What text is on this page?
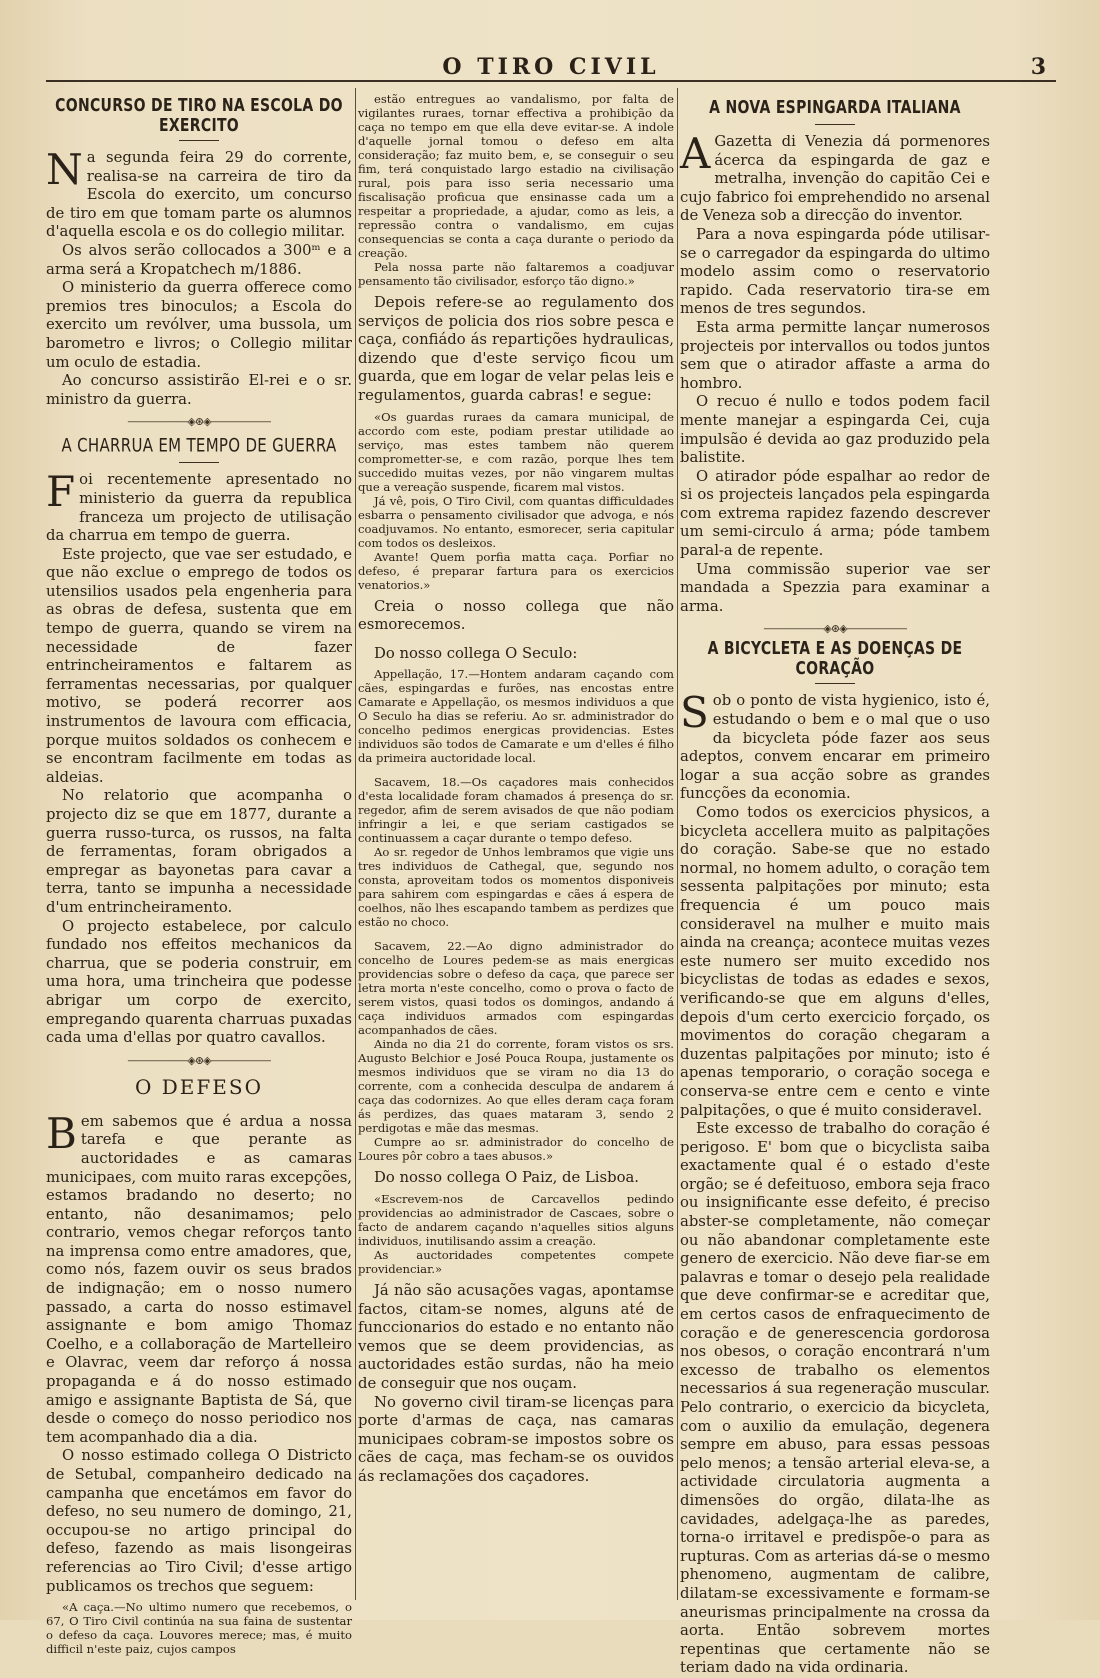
O TIRO CIVIL	3
CONCURSO DE TIRO NA ESCOLA DO EXERCITO

Na segunda feira 29 do corrente, realisa-se na carreira de tiro da Escola do exercito, um concurso de tiro em que tomam parte os alumnos d'aquella escola e os do collegio militar.

Os alvos serão collocados a 300ᵐ e a arma será a Kropatchech m/1886.

O ministerio da guerra offerece como premios tres binoculos; a Escola do exercito um revólver, uma bussola, um barometro e livros; o Collegio militar um oculo de estadia.

Ao concurso assistirão El-rei e o sr. ministro da guerra.

——————◈⊛◈——————
A CHARRUA EM TEMPO DE GUERRA

Foi recentemente apresentado no ministerio da guerra da republica franceza um projecto de utilisação da charrua em tempo de guerra.

Este projecto, que vae ser estudado, e que não exclue o emprego de todos os utensilios usados pela engenheria para as obras de defesa, sustenta que em tempo de guerra, quando se virem na necessidade de fazer entrincheiramentos e faltarem as ferramentas necessarias, por qualquer motivo, se poderá recorrer aos instrumentos de lavoura com efficacia, porque muitos soldados os conhecem e se encontram facilmente em todas as aldeias.

No relatorio que acompanha o projecto diz se que em 1877, durante a guerra russo-turca, os russos, na falta de ferramentas, foram obrigados a empregar as bayonetas para cavar a terra, tanto se impunha a necessidade d'um entrincheiramento.

O projecto estabelece, por calculo fundado nos effeitos mechanicos da charrua, que se poderia construir, em uma hora, uma trincheira que podesse abrigar um corpo de exercito, empregando quarenta charruas puxadas cada uma d'ellas por quatro cavallos.

——————◈⊛◈——————
O DEFESO

Bem sabemos que é ardua a nossa tarefa e que perante as auctoridades e as camaras municipaes, com muito raras excepções, estamos bradando no deserto; no entanto, não desanimamos; pelo contrario, vemos chegar reforços tanto na imprensa como entre amadores, que, como nós, fazem ouvir os seus brados de indignação; em o nosso numero passado, a carta do nosso estimavel assignante e bom amigo Thomaz Coelho, e a collaboração de Martelleiro e Olavrac, veem dar reforço á nossa propaganda e á do nosso estimado amigo e assignante Baptista de Sá, que desde o começo do nosso periodico nos tem acompanhado dia a dia.

O nosso estimado collega O Districto de Setubal, companheiro dedicado na campanha que encetámos em favor do defeso, no seu numero de domingo, 21, occupou-se no artigo principal do defeso, fazendo as mais lisongeiras referencias ao Tiro Civil; d'esse artigo publicamos os trechos que seguem:

«A caça.—No ultimo numero que recebemos, o 67, O Tiro Civil continúa na sua faina de sustentar o defeso da caça. Louvores merece; mas, é muito difficil n'este paiz, cujos campos

estão entregues ao vandalismo, por falta de vigilantes ruraes, tornar effectiva a prohibição da caça no tempo em que ella deve evitar-se. A indole d'aquelle jornal tomou o defeso em alta consideração; faz muito bem, e, se conseguir o seu fim, terá conquistado largo estadio na civilisação rural, pois para isso seria necessario uma fiscalisação proficua que ensinasse cada um a respeitar a propriedade, a ajudar, como as leis, a repressão contra o vandalismo, em cujas consequencias se conta a caça durante o periodo da creação.

Pela nossa parte não faltaremos a coadjuvar pensamento tão civilisador, esforço tão digno.»

Depois refere-se ao regulamento dos serviços de policia dos rios sobre pesca e caça, confiádo ás repartições hydraulicas, dizendo que d'este serviço ficou um guarda, que em logar de velar pelas leis e regulamentos, guarda cabras! e segue:

«Os guardas ruraes da camara municipal, de accordo com este, podiam prestar utilidade ao serviço, mas estes tambem não querem comprometter-se, e com razão, porque lhes tem succedido muitas vezes, por não vingarem multas que a vereação suspende, ficarem mal vistos.

Já vê, pois, O Tiro Civil, com quantas difficuldades esbarra o pensamento civilisador que advoga, e nós coadjuvamos. No entanto, esmorecer, seria capitular com todos os desleixos.

Avante! Quem porfia matta caça. Porfiar no defeso, é preparar fartura para os exercicios venatorios.»

Creia o nosso collega que não esmorecemos.

Do nosso collega O Seculo:

Appellação, 17.—Hontem andaram caçando com cães, espingardas e furões, nas encostas entre Camarate e Appellação, os mesmos individuos a que O Seculo ha dias se referiu. Ao sr. administrador do concelho pedimos energicas providencias. Estes individuos são todos de Camarate e um d'elles é filho da primeira auctoridade local.

Sacavem, 18.—Os caçadores mais conhecidos d'esta localidade foram chamados á presença do sr. regedor, afim de serem avisados de que não podiam infringir a lei, e que seriam castigados se continuassem a caçar durante o tempo defeso.

Ao sr. regedor de Unhos lembramos que vigie uns tres individuos de Cathegal, que, segundo nos consta, aproveitam todos os momentos disponiveis para sahirem com espingardas e cães á espera de coelhos, não lhes escapando tambem as perdizes que estão no choco.

Sacavem, 22.—Ao digno administrador do concelho de Loures pedem-se as mais energicas providencias sobre o defeso da caça, que parece ser letra morta n'este concelho, como o prova o facto de serem vistos, quasi todos os domingos, andando á caça individuos armados com espingardas acompanhados de cães.

Ainda no dia 21 do corrente, foram vistos os srs. Augusto Belchior e José Pouca Roupa, justamente os mesmos individuos que se viram no dia 13 do corrente, com a conhecida desculpa de andarem á caça das codornizes. Ao que elles deram caça foram ás perdizes, das quaes mataram 3, sendo 2 perdigotas e mãe das mesmas.

Cumpre ao sr. administrador do concelho de Loures pôr cobro a taes abusos.»

Do nosso collega O Paiz, de Lisboa.

«Escrevem-nos de Carcavellos pedindo providencias ao administrador de Cascaes, sobre o facto de andarem caçando n'aquelles sitios alguns individuos, inutilisando assim a creação.

As auctoridades competentes compete providenciar.»

Já não são acusações vagas, apontamse factos, citam-se nomes, alguns até de funccionarios do estado e no entanto não vemos que se deem providencias, as auctoridades estão surdas, não ha meio de conseguir que nos ouçam.

No governo civil tiram-se licenças para porte d'armas de caça, nas camaras municipaes cobram-se impostos sobre os cães de caça, mas fecham-se os ouvidos ás reclamações dos caçadores.

A NOVA ESPINGARDA ITALIANA

A Gazetta di Venezia dá pormenores ácerca da espingarda de gaz e metralha, invenção do capitão Cei e cujo fabrico foi emprehendido no arsenal de Veneza sob a direcção do inventor.

Para a nova espingarda póde utilisar-se o carregador da espingarda do ultimo modelo assim como o reservatorio rapido. Cada reservatorio tira-se em menos de tres segundos.

Esta arma permitte lançar numerosos projecteis por intervallos ou todos juntos sem que o atirador affaste a arma do hombro.

O recuo é nullo e todos podem facil mente manejar a espingarda Cei, cuja impulsão é devida ao gaz produzido pela balistite.

O atirador póde espalhar ao redor de si os projecteis lançados pela espingarda com extrema rapidez fazendo descrever um semi-circulo á arma; póde tambem paral-a de repente.

Uma commissão superior vae ser mandada a Spezzia para examinar a arma.

——————◈⊛◈——————
A BICYCLETA E AS DOENÇAS DE CORAÇÃO

Sob o ponto de vista hygienico, isto é, estudando o bem e o mal que o uso da bicycleta póde fazer aos seus adeptos, convem encarar em primeiro logar a sua acção sobre as grandes funcções da economia.

Como todos os exercicios physicos, a bicycleta accellera muito as palpitações do coração. Sabe-se que no estado normal, no homem adulto, o coração tem sessenta palpitações por minuto; esta frequencia é um pouco mais consideravel na mulher e muito mais ainda na creança; acontece muitas vezes este numero ser muito excedido nos bicyclistas de todas as edades e sexos, verificando-se que em alguns d'elles, depois d'um certo exercicio forçado, os movimentos do coração chegaram a duzentas palpitações por minuto; isto é apenas temporario, o coração socega e conserva-se entre cem e cento e vinte palpitações, o que é muito consideravel.

Este excesso de trabalho do coração é perigoso. E' bom que o bicyclista saiba exactamente qual é o estado d'este orgão; se é defeituoso, embora seja fraco ou insignificante esse defeito, é preciso abster-se completamente, não começar ou não abandonar completamente este genero de exercicio. Não deve fiar-se em palavras e tomar o desejo pela realidade que deve confirmar-se e acreditar que, em certos casos de enfraquecimento de coração e de generescencia gordorosa nos obesos, o coração encontrará n'um excesso de trabalho os elementos necessarios á sua regeneração muscular. Pelo contrario, o exercicio da bicycleta, com o auxilio da emulação, degenera sempre em abuso, para essas pessoas pelo menos; a tensão arterial eleva-se, a actividade circulatoria augmenta a dimensões do orgão, dilata-lhe as cavidades, adelgaça-lhe as paredes, torna-o irritavel e predispõe-o para as rupturas. Com as arterias dá-se o mesmo phenomeno, augmentam de calibre, dilatam-se excessivamente e formam-se aneurismas principalmente na crossa da aorta. Então sobrevem mortes repentinas que certamente não se teriam dado na vida ordinaria.
